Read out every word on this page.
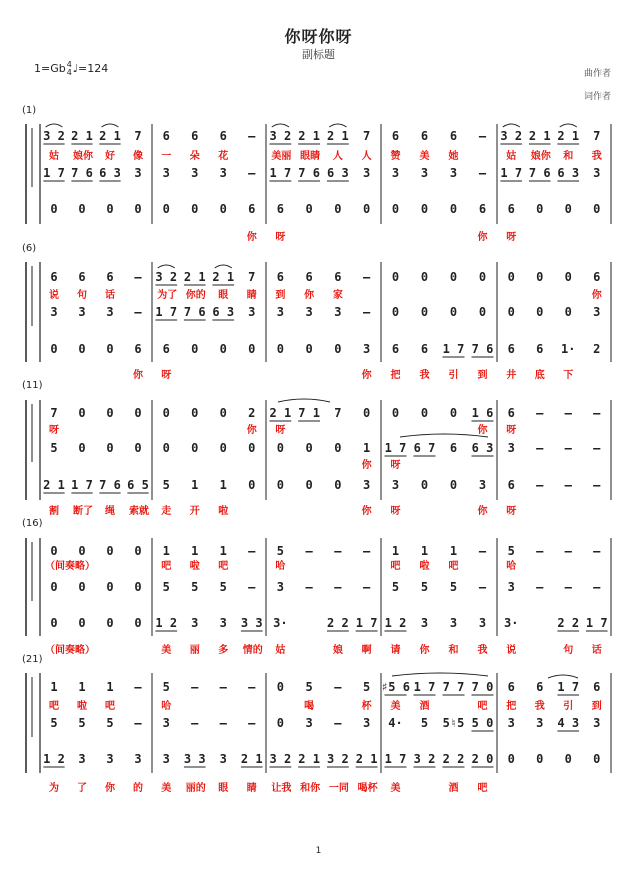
你呀你呀
副标题
1=Gb 4
4 ♩=124	曲作者
词作者
1
(1)
3 2 2 1 2 1	7	6	6	6	–	3 2 2 1 2 1	7	6	6	6	–	3 2 2 1 2 1	7
1 7 7 6 6 3	3	3	3	3	–	1 7 7 6 6 3	3	3	3	3	–	1 7 7 6 6 3	3
0	0	0	0	0	0	0	6	6	0	0	0	0	0	0	6	6	0	0	0
姑	娘你	好	像	一	朵	花	美丽 眼睛	人	人	赞	美	她	姑	娘你	和	我
你	呀	你	呀
(6)
6	6	6	–	3 2 2 1 2 1	7	6	6	6	–	0	0	0	0	0	0	0	6
3	3	3	–	1 7 7 6 6 3	3	3	3	3	–	0	0	0	0	0	0	0	3
0	0	0	6	6	0	0	0	0	0	0	3	6	6	1 7 7 6	6	6	1·	2
说	句	话	为了 你的	眼	睛	到	你	家	你
你	呀	你	把	我	引	到	井	底	下
(11)
7	0	0	0	0	0	0	2	2 1 7 1	7	0	0	0	0	1 6	6	–	–	–
5	0	0	0	0	0	0	0	0	0	0	1	1 7 6 7	6	6 3	3	–	–	–
2 1 1 7 7 6 6 5	5	1	1	0	0	0	0	3	3	0	0	3	6	–	–	–
呀	你	呀	你	呀
你	呀
割	断了	绳	索就	走	开	啦	你	呀	你	呀
(16)
0	0	0	0	1	1	1	–	5	–	–	–	1	1	1	–	5	–	–	–
0	0	0	0	5	5	5	–	3	–	–	–	5	5	5	–	3	–	–	–
0	0	0	0	1 2	3	3	3 3 3·	2 2 1 7 1 2	3	3	3	3·	2 2 1 7
（间奏略）	吧	啦	吧	哈	吧	啦	吧	哈
（间奏略）	美	丽	多	情的	姑	娘	啊	请	你	和	我	说	句	话
(21)
1	1	1	–	5	–	–	–	0	5	–	5 ♯5 6 1 7 7 7 7 0	6	6	1 7	6
5	5	5	–	3	–	–	–	0	3	–	3	4·	5	5♮5 5 0	3	3	4 3	3
1 2	3	3	3	3	3 3	3	2 1 3 2 2 1 3 2 2 1 1 7 3 2 2 2 2 0	0	0	0	0
吧	啦	吧	哈	喝	杯	美	酒	吧	把	我	引	到
为	了	你	的	美	丽的	眼	睛	让我 和你 一同 喝杯	美	酒	吧
